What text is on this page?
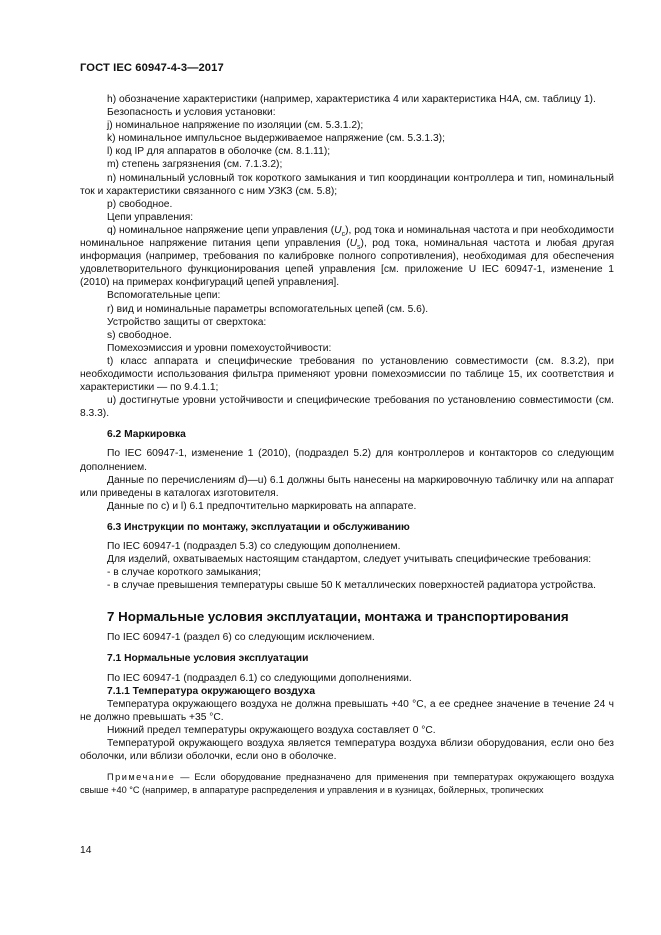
ГОСТ IEC 60947-4-3—2017

h) обозначение характеристики (например, характеристика 4 или характеристика Н4А, см. таблицу 1).

Безопасность и условия установки:

j) номинальное напряжение по изоляции (см. 5.3.1.2);

k) номинальное импульсное выдерживаемое напряжение (см. 5.3.1.3);

l) код IP для аппаратов в оболочке (см. 8.1.11);

m) степень загрязнения (см. 7.1.3.2);

n) номинальный условный ток короткого замыкания и тип координации контроллера и тип, номинальный ток и характеристики связанного с ним УЗКЗ (см. 5.8);

p) свободное.

Цепи управления:

q) номинальное напряжение цепи управления $(U_c)$, род тока и номинальная частота и при необходимости номинальное напряжение питания цепи управления $(U_s)$, род тока, номинальная частота и любая другая информация (например, требования по калибровке полного сопротивления), необходимая для обеспечения удовлетворительного функционирования цепей управления [см. приложение U IEC 60947-1, изменение 1 (2010) на примерах конфигураций цепей управления].

Вспомогательные цепи:

r) вид и номинальные параметры вспомогательных цепей (см. 5.6).

Устройство защиты от сверхтока:

s) свободное.

Помехоэмиссия и уровни помехоустойчивости:

t) класс аппарата и специфические требования по установлению совместимости (см. 8.3.2), при необходимости использования фильтра применяют уровни помехоэмиссии по таблице 15, их соответствия и характеристики — по 9.4.1.1;

u) достигнутые уровни устойчивости и специфические требования по установлению совместимости (см. 8.3.3).

6.2 Маркировка

По IEC 60947-1, изменение 1 (2010), (подраздел 5.2) для контроллеров и контакторов со следующим дополнением.

Данные по перечислениям d)—u) 6.1 должны быть нанесены на маркировочную табличку или на аппарат или приведены в каталогах изготовителя.

Данные по с) и l) 6.1 предпочтительно маркировать на аппарате.

6.3 Инструкции по монтажу, эксплуатации и обслуживанию

По IEC 60947-1 (подраздел 5.3) со следующим дополнением.

Для изделий, охватываемых настоящим стандартом, следует учитывать специфические требования:

- в случае короткого замыкания;

- в случае превышения температуры свыше 50 К металлических поверхностей радиатора устройства.

7 Нормальные условия эксплуатации, монтажа и транспортирования

По IEC 60947-1 (раздел 6) со следующим исключением.

7.1 Нормальные условия эксплуатации

По IEC 60947-1 (подраздел 6.1) со следующими дополнениями.

7.1.1 Температура окружающего воздуха

Температура окружающего воздуха не должна превышать +40 °С, а ее среднее значение в течение 24 ч не должно превышать +35 °С.

Нижний предел температуры окружающего воздуха составляет 0 °С.

Температурой окружающего воздуха является температура воздуха вблизи оборудования, если оно без оболочки, или вблизи оболочки, если оно в оболочке.

Примечание — Если оборудование предназначено для применения при температурах окружающего воздуха свыше +40 °С (например, в аппаратуре распределения и управления и в кузницах, бойлерных, тропических

14
